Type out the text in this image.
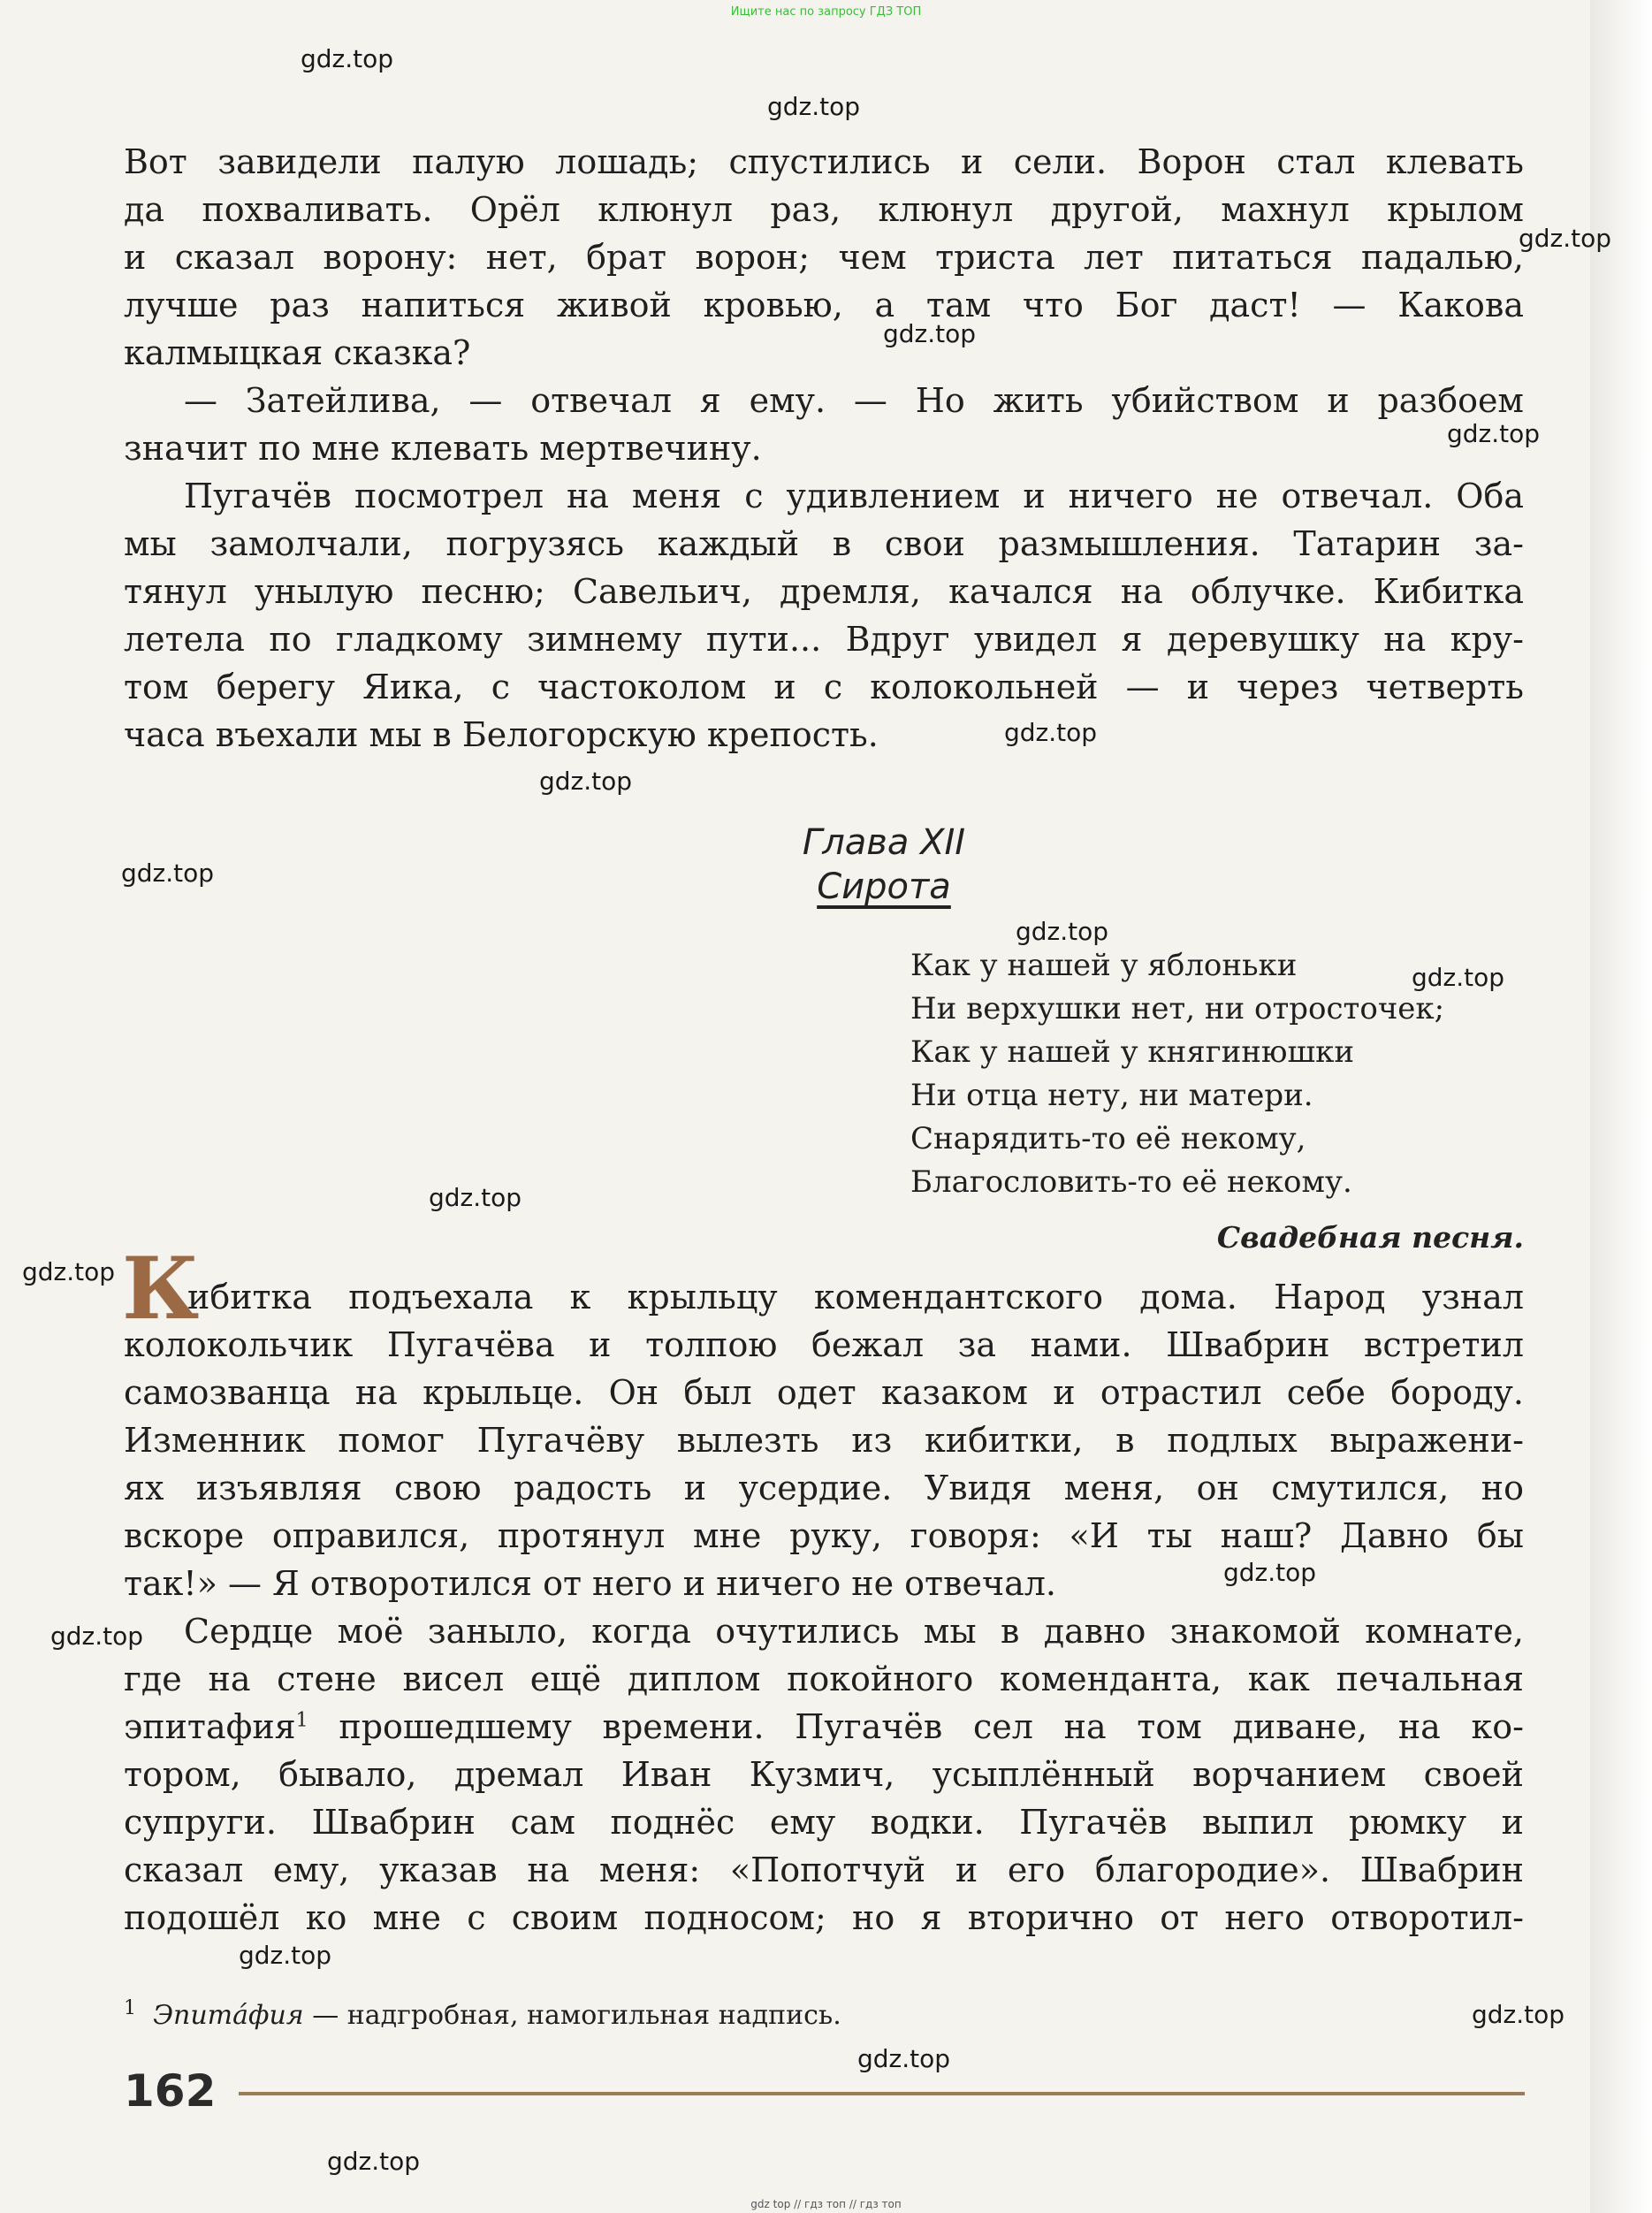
Ищите нас по запросу ГДЗ ТОП
gdz.top
gdz.top
gdz.top
gdz.top
gdz.top
gdz.top
gdz.top
gdz.top
gdz.top
gdz.top
gdz.top
gdz.top
gdz.top
gdz.top
gdz.top
gdz.top
gdz.top
gdz.top
Вот завидели палую лошадь; спустились и сели. Ворон стал клевать
да похваливать. Орёл клюнул раз, клюнул другой, махнул крылом
и сказал ворону: нет, брат ворон; чем триста лет питаться падалью,
лучше раз напиться живой кровью, а там что Бог даст! — Какова
калмыцкая сказка?
— Затейлива, — отвечал я ему. — Но жить убийством и разбоем
значит по мне клевать мертвечину.
Пугачёв посмотрел на меня с удивлением и ничего не отвечал. Оба
мы замолчали, погрузясь каждый в свои размышления. Татарин за-
тянул унылую песню; Савельич, дремля, качался на облучке. Кибитка
летела по гладкому зимнему пути... Вдруг увидел я деревушку на кру-
том берегу Яика, с частоколом и с колокольней — и через четверть
часа въехали мы в Белогорскую крепость.
Глава XII
Сирота
Как у нашей у яблоньки
Ни верхушки нет, ни отросточек;
Как у нашей у княгинюшки
Ни отца нету, ни матери.
Снарядить-то её некому,
Благословить-то её некому.
Свадебная песня.
К
ибитка подъехала к крыльцу комендантского дома. Народ узнал
колокольчик Пугачёва и толпою бежал за нами. Швабрин встретил
самозванца на крыльце. Он был одет казаком и отрастил себе бороду.
Изменник помог Пугачёву вылезть из кибитки, в подлых выражени-
ях изъявляя свою радость и усердие. Увидя меня, он смутился, но
вскоре оправился, протянул мне руку, говоря: «И ты наш? Давно бы
так!» — Я отворотился от него и ничего не отвечал.
Сердце моё заныло, когда очутились мы в давно знакомой комнате,
где на стене висел ещё диплом покойного коменданта, как печальная
эпитафия$^1$ прошедшему времени. Пугачёв сел на том диване, на ко-
тором, бывало, дремал Иван Кузмич, усыплённый ворчанием своей
супруги. Швабрин сам поднёс ему водки. Пугачёв выпил рюмку и
сказал ему, указав на меня: «Попотчуй и его благородие». Швабрин
подошёл ко мне с своим подносом; но я вторично от него отворотил-
$^1$ Эпитáфия — надгробная, намогильная надпись.
162
gdz top // гдз топ // гдз топ
